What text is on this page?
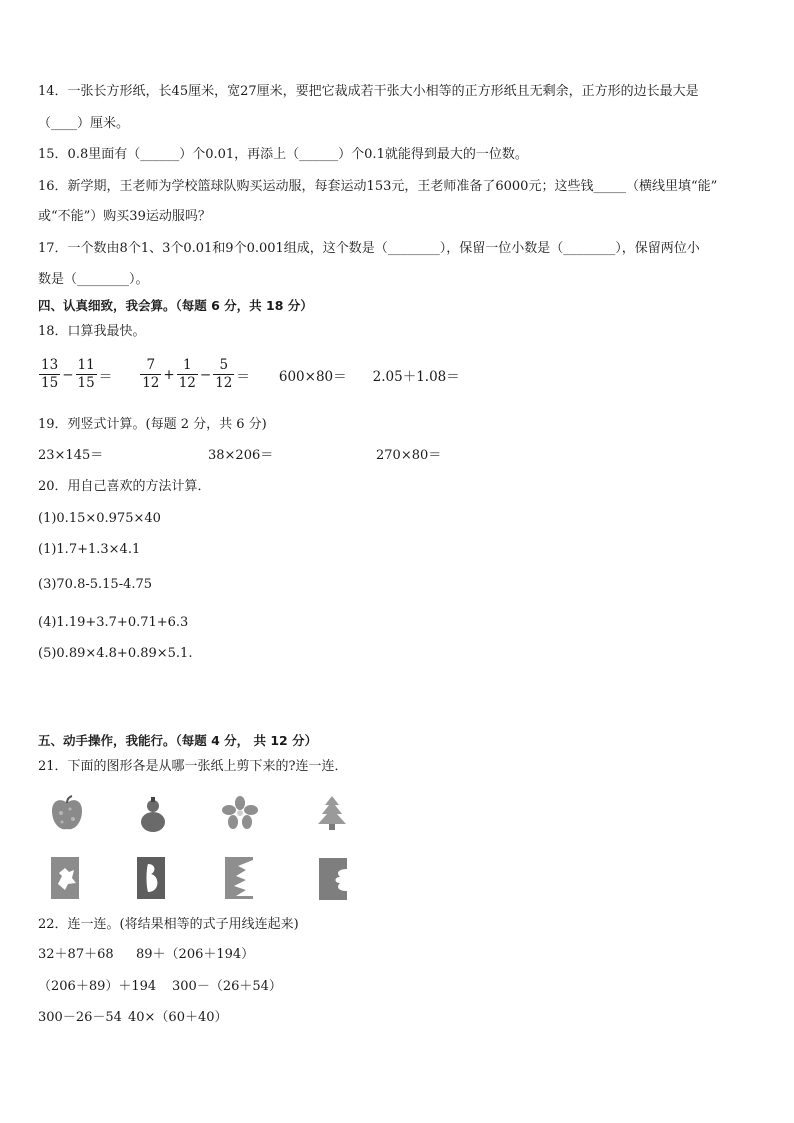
14．一张长方形纸，长45厘米，宽27厘米，要把它裁成若干张大小相等的正方形纸且无剩余，正方形的边长最大是
（____）厘米。
15．0.8里面有（______）个0.01，再添上（______）个0.1就能得到最大的一位数。
16．新学期，王老师为学校篮球队购买运动服，每套运动153元，王老师准备了6000元；这些钱_____（横线里填“能”
或“不能”）购买39运动服吗？
17．一个数由8个1、3个0.01和9个0.001组成，这个数是（________），保留一位小数是（________），保留两位小
数是（________）。
四、认真细致，我会算。（每题 6 分，共 18 分）
18．口算我最快。
$\frac{13}{15} - \frac{11}{15} = \frac{7}{12} + \frac{1}{12} - \frac{5}{12} = 600\times 80= 2.05+1.08=$
19．列竖式计算。(每题 2 分，共 6 分)
23×145＝	38×206＝	270×80＝
20．用自己喜欢的方法计算．
(1)0.15×0.975×40
(1)1.7+1.3×4.1
(3)70.8-5.15-4.75
(4)1.19+3.7+0.71+6.3
(5)0.89×4.8+0.89×5.1.
五、动手操作，我能行。（每题 4 分， 共 12 分）
21．下面的图形各是从哪一张纸上剪下来的?连一连．
22．连一连。(将结果相等的式子用线连起来)
32＋87＋68 89＋（206＋194）
（206＋89）＋194 300－（26＋54）
300－26－54 40×（60＋40）
